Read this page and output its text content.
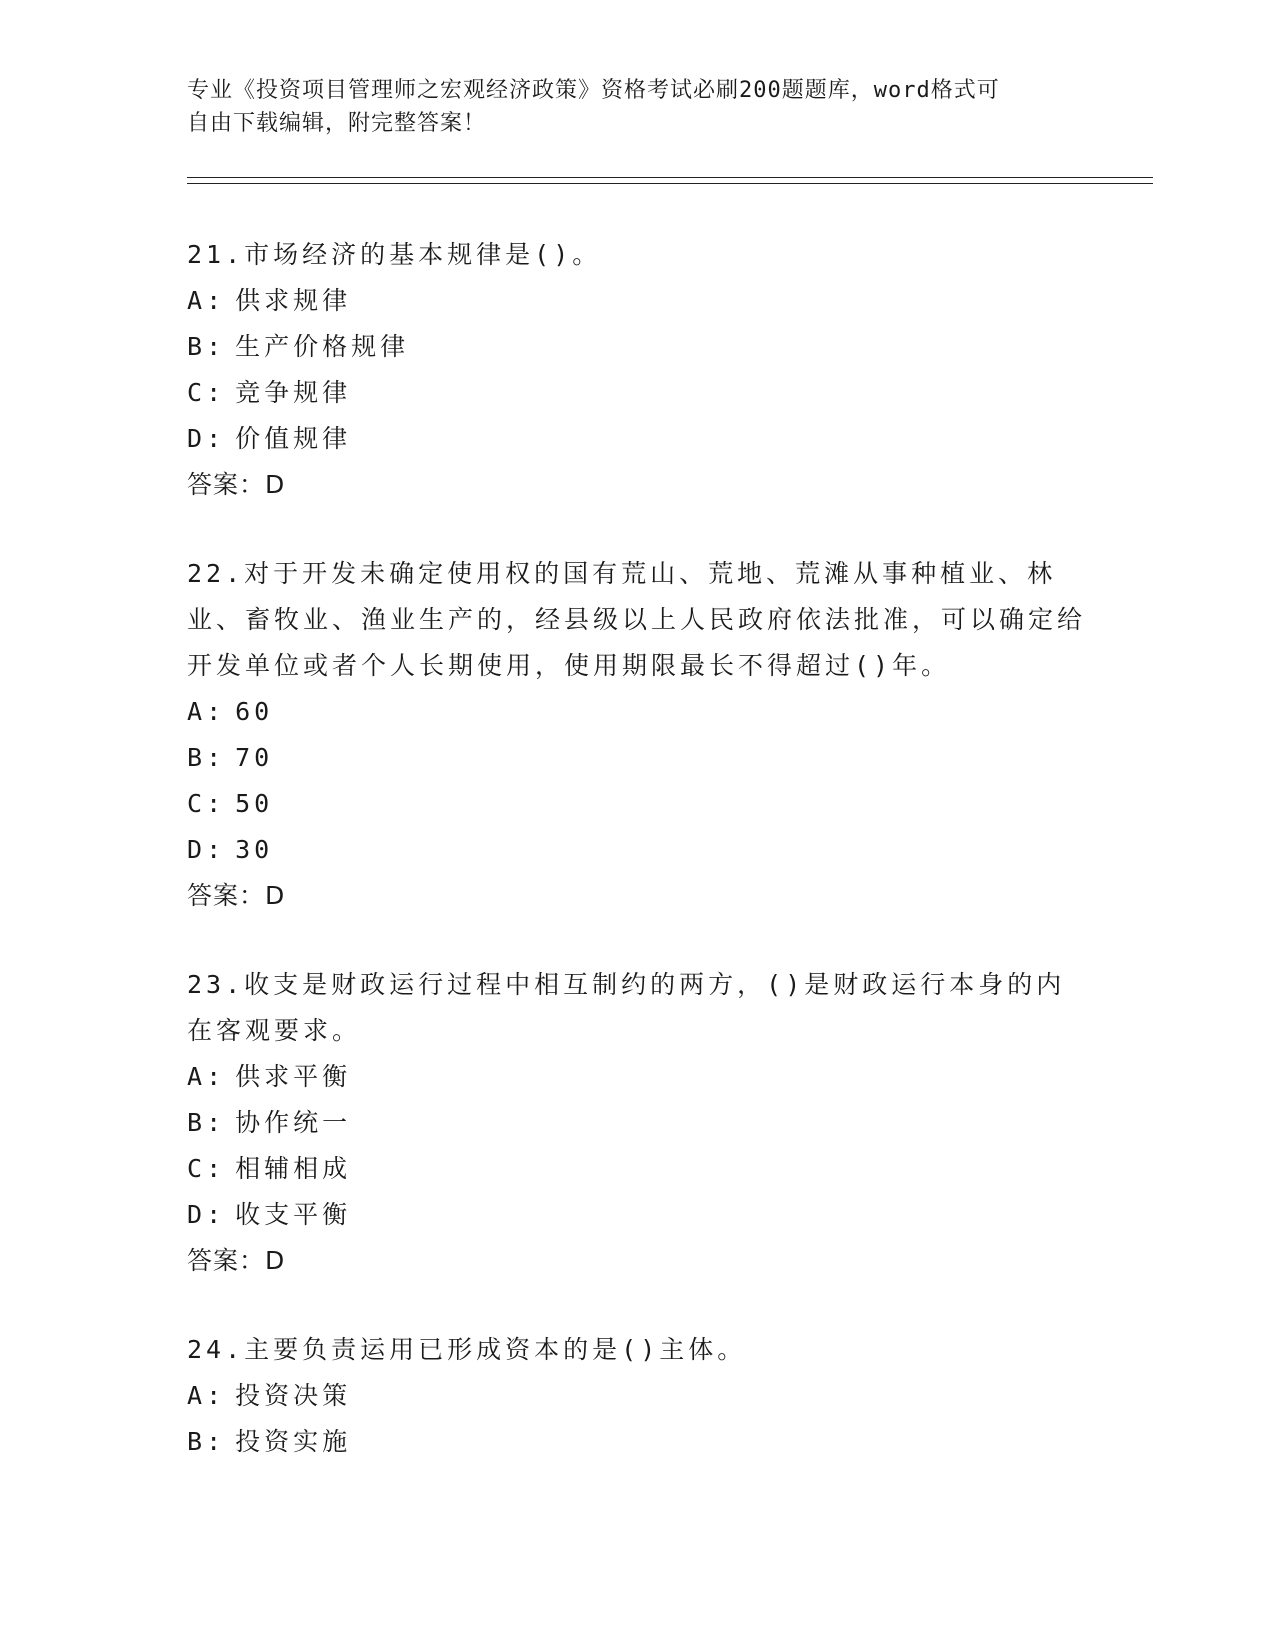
专业《投资项目管理师之宏观经济政策》资格考试必刷200题题库，word格式可
自由下载编辑，附完整答案！
21.市场经济的基本规律是()。
A: 供求规律
B: 生产价格规律
C: 竞争规律
D: 价值规律
答案：D
22.对于开发未确定使用权的国有荒山、荒地、荒滩从事种植业、林业、畜牧业、渔业生产的，经县级以上人民政府依法批准，可以确定给开发单位或者个人长期使用，使用期限最长不得超过()年。
A: 60
B: 70
C: 50
D: 30
答案：D
23.收支是财政运行过程中相互制约的两方，()是财政运行本身的内在客观要求。
A: 供求平衡
B: 协作统一
C: 相辅相成
D: 收支平衡
答案：D
24.主要负责运用已形成资本的是()主体。
A: 投资决策
B: 投资实施
